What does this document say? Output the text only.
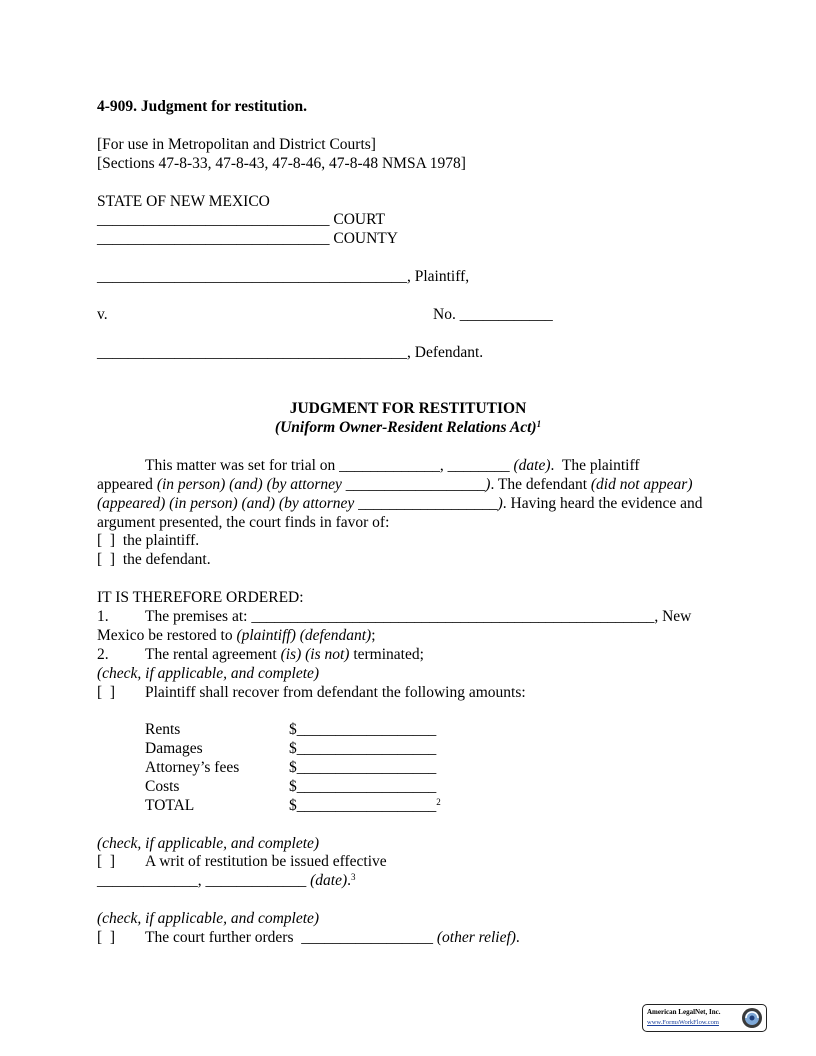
4-909. Judgment for restitution.
[For use in Metropolitan and District Courts]
[Sections 47-8-33, 47-8-43, 47-8-46, 47-8-48 NMSA 1978]
STATE OF NEW MEXICO
______________________________ COURT
______________________________ COUNTY
________________________________________, Plaintiff,
v.	No. ____________
________________________________________, Defendant.
JUDGMENT FOR RESTITUTION
(Uniform Owner-Resident Relations Act)$^1$
This matter was set for trial on _____________, ________ (date).  The plaintiff
appeared (in person) (and) (by attorney __________________). The defendant (did not appear)
(appeared) (in person) (and) (by attorney __________________). Having heard the evidence and
argument presented, the court finds in favor of:
[  ]  the plaintiff.
[  ]  the defendant.
IT IS THEREFORE ORDERED:
1. The premises at: ____________________________________________________, New
Mexico be restored to (plaintiff) (defendant);
2. The rental agreement (is) (is not) terminated;
(check, if applicable, and complete)
[  ] Plaintiff shall recover from defendant the following amounts:
Rents	$__________________
Damages	$__________________
Attorney’s fees	$__________________
Costs	$__________________
TOTAL	$__________________$^2$
(check, if applicable, and complete)
[  ] A writ of restitution be issued effective
_____________, _____________ (date).$^3$
(check, if applicable, and complete)
[  ] The court further orders  _________________ (other relief).
American LegalNet, Inc.
www.FormsWorkFlow.com
